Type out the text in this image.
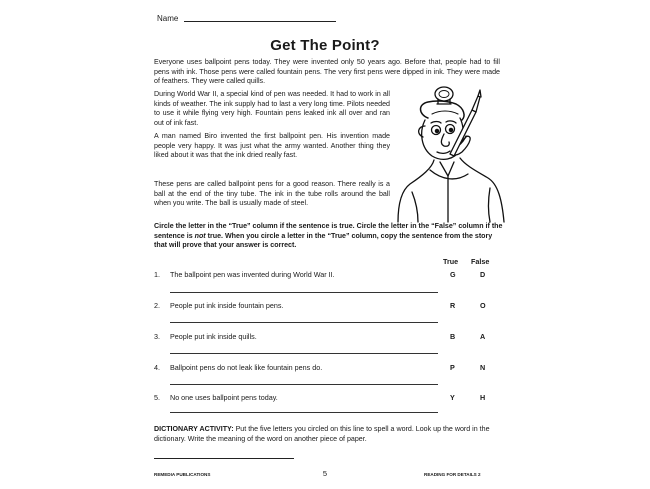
Name
Get The Point?

Everyone uses ballpoint pens today. They were invented only 50 years ago. Before that, people had to fill pens with ink. Those pens were called fountain pens. The very first pens were dipped in ink. They were made of feathers. They were called quills.

During World War II, a special kind of pen was needed. It had to work in all kinds of weather. The ink supply had to last a very long time. Pilots needed to use it while flying very high. Fountain pens leaked ink all over and ran out of ink fast.

A man named Biro invented the first ballpoint pen. His invention made people very happy. It was just what the army wanted. Another thing they liked about it was that the ink dried really fast.

These pens are called ballpoint pens for a good reason. There really is a ball at the end of the tiny tube. The ink in the tube rolls around the ball when you write. The ball is usually made of steel.

Circle the letter in the “True” column if the sentence is true. Circle the letter in the “False” column if the sentence is not true. When you circle a letter in the “True” column, copy the sentence from the story that will prove that your answer is correct.

True False
1. The ballpoint pen was invented during World War II.	G	D
2. People put ink inside fountain pens.	R	O
3. People put ink inside quills.	B	A
4. Ballpoint pens do not leak like fountain pens do.	P	N
5. No one uses ballpoint pens today.	Y	H

DICTIONARY ACTIVITY: Put the five letters you circled on this line to spell a word. Look up the word in the dictionary. Write the meaning of the word on another piece of paper.

REMEDIA PUBLICATIONS	5	READING FOR DETAILS 2
